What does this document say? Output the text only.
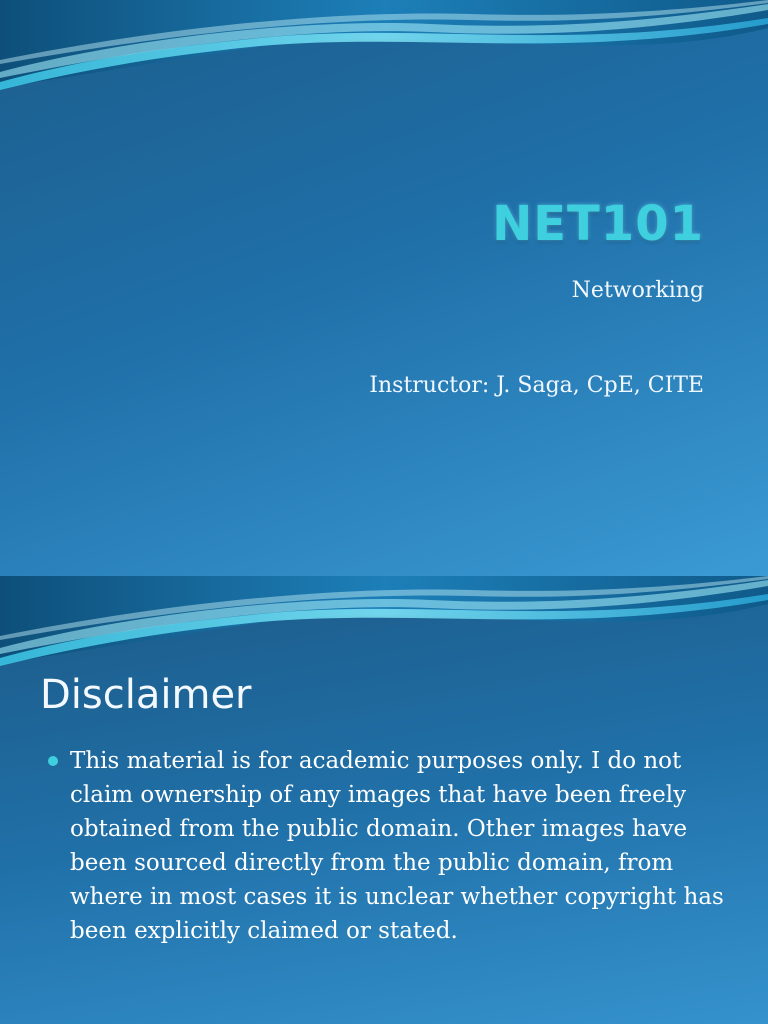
NET101

Networking

Instructor: J. Saga, CpE, CITE

Disclaimer
This material is for academic purposes only. I do not claim ownership of any images that have been freely obtained from the public domain. Other images have been sourced directly from the public domain, from where in most cases it is unclear whether copyright has been explicitly claimed or stated.
